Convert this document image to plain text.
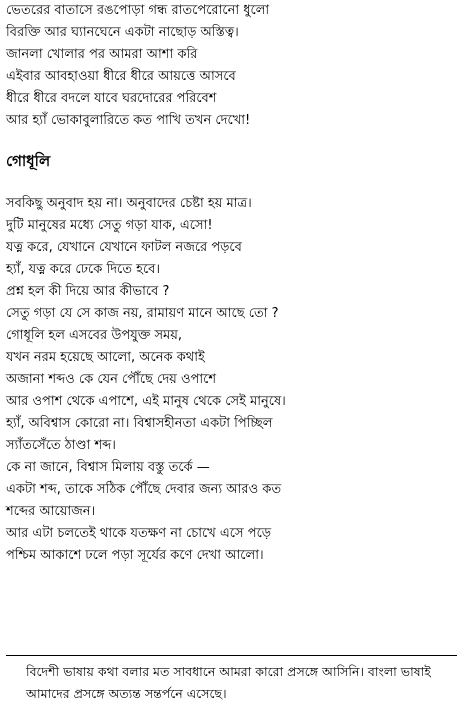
ভেতরের বাতাসে রঙপোড়া গন্ধ রাতপেরোনো ধুলো
বিরক্তি আর ঘ্যানঘেনে একটা নাছোড় অস্তিত্ব।
জানলা খোলার পর আমরা আশা করি
এইবার আবহাওয়া ধীরে ধীরে আয়ত্তে আসবে
ধীরে ধীরে বদলে যাবে ঘরদোরের পরিবেশ
আর হ্যাঁ ভোকাবুলারিতে কত পাখি তখন দেখো!
গোধূলি
সবকিছু অনুবাদ হয় না। অনুবাদের চেষ্টা হয় মাত্র।
দুটি মানুষের মধ্যে সেতু গড়া যাক, এসো!
যত্ন করে, যেখানে যেখানে ফাটল নজরে পড়বে
হ্যাঁ, যত্ন করে ঢেকে দিতে হবে।
প্রশ্ন হল কী দিয়ে আর কীভাবে ?
সেতু গড়া যে সে কাজ নয়, রামায়ণ মানে আছে তো ?
গোধূলি হল এসবের উপযুক্ত সময়,
যখন নরম হয়েছে আলো, অনেক কথাই
অজানা শব্দও কে যেন পৌঁছে দেয় ওপাশে
আর ওপাশ থেকে এপাশে, এই মানুষ থেকে সেই মানুষে।
হ্যাঁ, অবিশ্বাস কোরো না। বিশ্বাসহীনতা একটা পিচ্ছিল
স্যাঁতসেঁতে ঠাণ্ডা শব্দ।
কে না জানে, বিশ্বাস মিলায় বস্তু তর্কে —
একটা শব্দ, তাকে সঠিক পৌঁছে দেবার জন্য আরও কত
শব্দের আয়োজন।
আর এটা চলতেই থাকে যতক্ষণ না চোখে এসে পড়ে
পশ্চিম আকাশে ঢলে পড়া সূর্যের কণে দেখা আলো।
বিদেশী ভাষায় কথা বলার মত সাবধানে আমরা কারো প্রসঙ্গে আসিনি। বাংলা ভাষাই
আমাদের প্রসঙ্গে অত্যন্ত সন্তর্পনে এসেছে।
